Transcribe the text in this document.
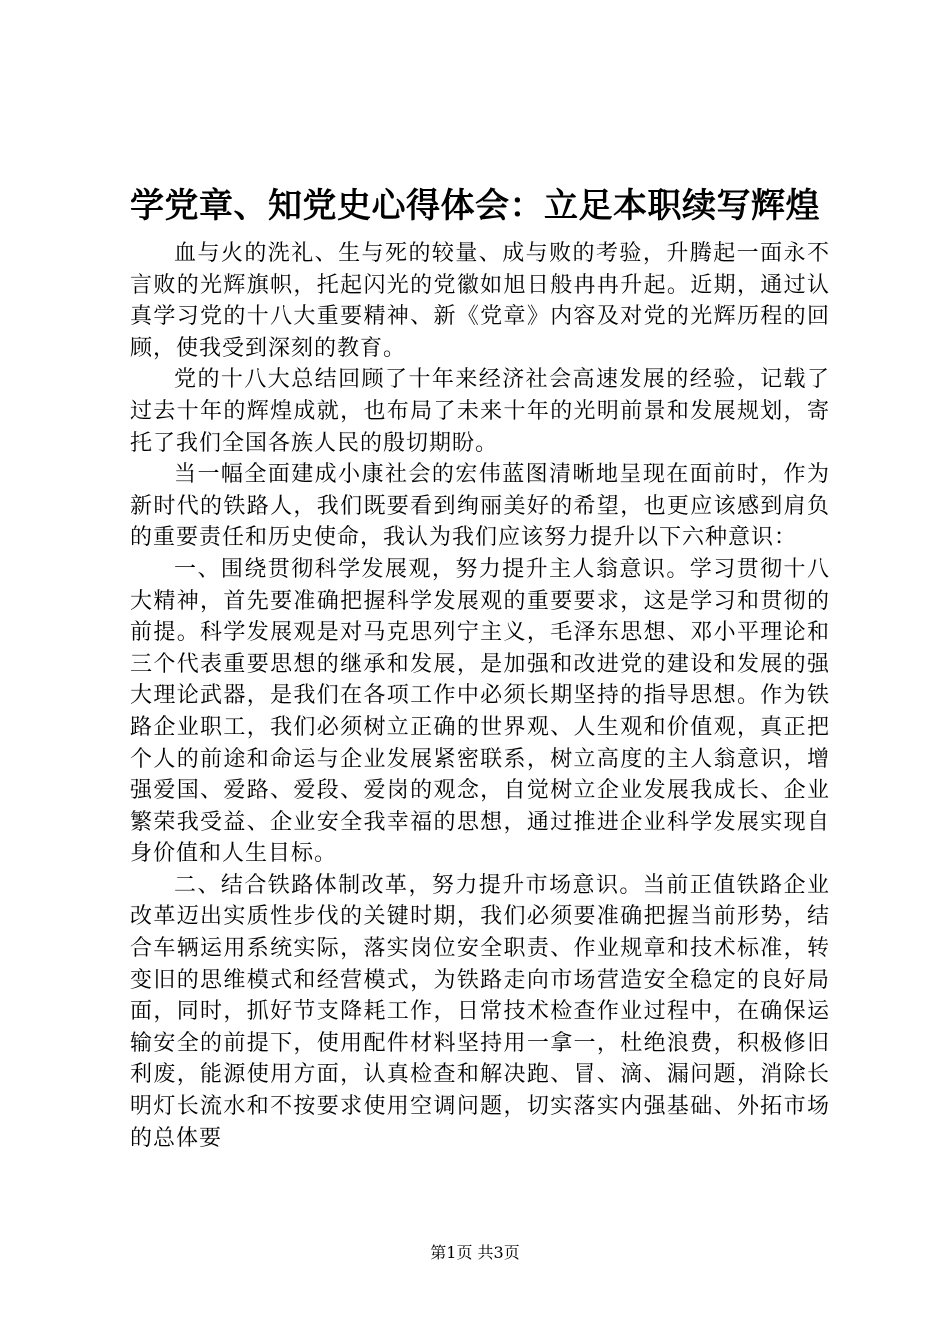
学党章、知党史心得体会：立足本职续写辉煌

血与火的洗礼、生与死的较量、成与败的考验，升腾起一面永不言败的光辉旗帜，托起闪光的党徽如旭日般冉冉升起。近期，通过认真学习党的十八大重要精神、新《党章》内容及对党的光辉历程的回顾，使我受到深刻的教育。

党的十八大总结回顾了十年来经济社会高速发展的经验，记载了过去十年的辉煌成就，也布局了未来十年的光明前景和发展规划，寄托了我们全国各族人民的殷切期盼。

当一幅全面建成小康社会的宏伟蓝图清晰地呈现在面前时，作为新时代的铁路人，我们既要看到绚丽美好的希望，也更应该感到肩负的重要责任和历史使命，我认为我们应该努力提升以下六种意识：

一、围绕贯彻科学发展观，努力提升主人翁意识。学习贯彻十八大精神，首先要准确把握科学发展观的重要要求，这是学习和贯彻的前提。科学发展观是对马克思列宁主义，毛泽东思想、邓小平理论和三个代表重要思想的继承和发展，是加强和改进党的建设和发展的强大理论武器，是我们在各项工作中必须长期坚持的指导思想。作为铁路企业职工，我们必须树立正确的世界观、人生观和价值观，真正把个人的前途和命运与企业发展紧密联系，树立高度的主人翁意识，增强爱国、爱路、爱段、爱岗的观念，自觉树立企业发展我成长、企业繁荣我受益、企业安全我幸福的思想，通过推进企业科学发展实现自身价值和人生目标。

二、结合铁路体制改革，努力提升市场意识。当前正值铁路企业改革迈出实质性步伐的关键时期，我们必须要准确把握当前形势，结合车辆运用系统实际，落实岗位安全职责、作业规章和技术标准，转变旧的思维模式和经营模式，为铁路走向市场营造安全稳定的良好局面，同时，抓好节支降耗工作，日常技术检查作业过程中，在确保运输安全的前提下，使用配件材料坚持用一拿一，杜绝浪费，积极修旧利废，能源使用方面，认真检查和解决跑、冒、滴、漏问题，消除长明灯长流水和不按要求使用空调问题，切实落实内强基础、外拓市场的总体要

第1页 共3页
